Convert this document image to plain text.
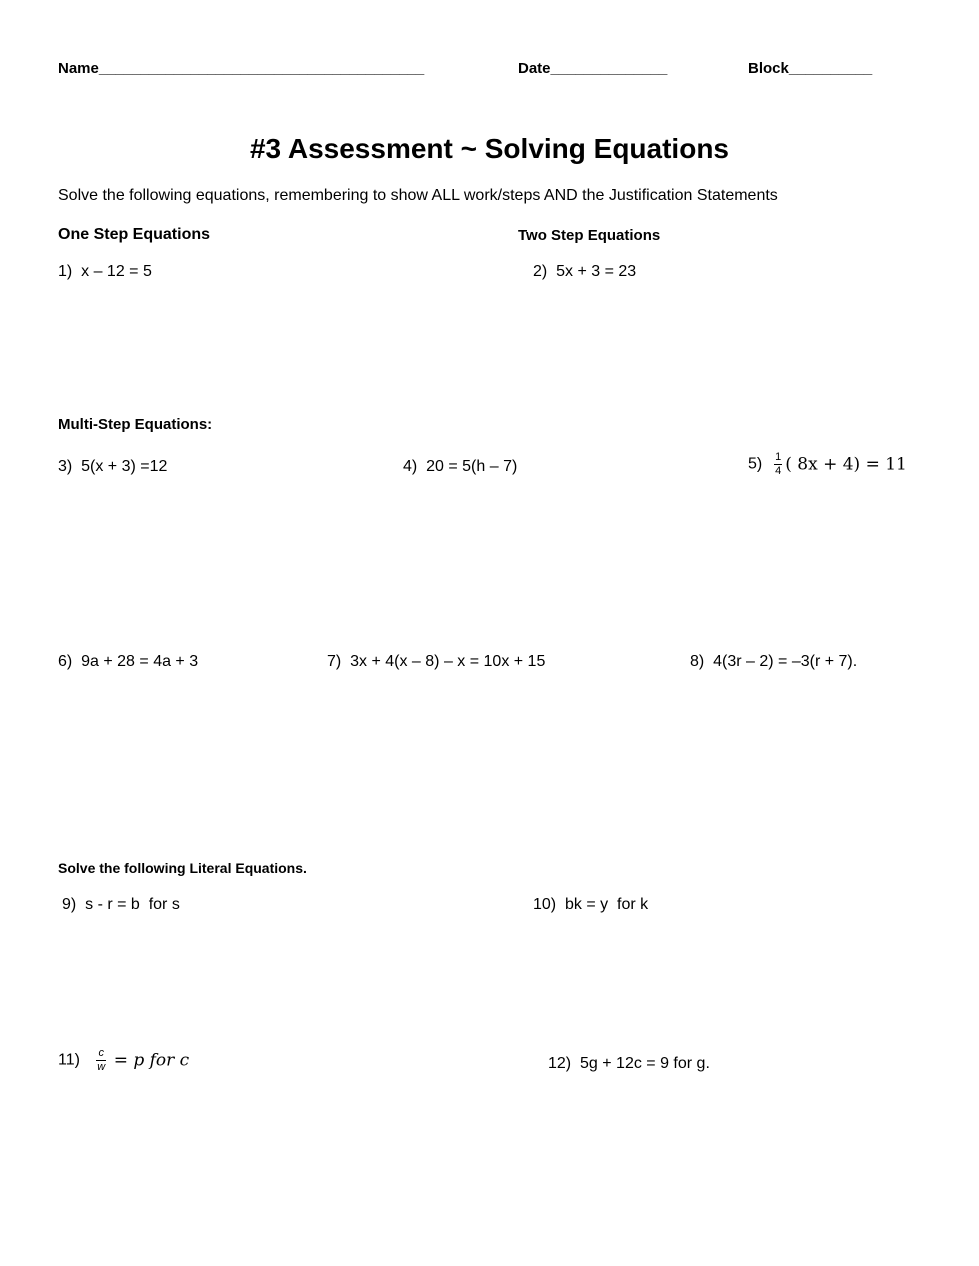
Name_______________________________________	Date______________	Block__________
#3 Assessment ~ Solving Equations
Solve the following equations, remembering to show ALL work/steps AND the Justification Statements
One Step Equations	Two Step Equations
1) x – 12 = 5	2) 5x + 3 = 23
Multi-Step Equations:
3) 5(x + 3) =12	4) 20 = 5(h – 7)	$5) \frac{1}{4}$ ( 8x + 4) = 11
6) 9a + 28 = 4a + 3	7) 3x + 4(x – 8) – x = 10x + 15	8) 4(3r – 2) = –3(r + 7).
Solve the following Literal Equations.
9) s - r = b  for s	10) bk = y  for k
$11) \frac{c}{w} = p$ for c	12) 5g + 12c = 9 for g.
